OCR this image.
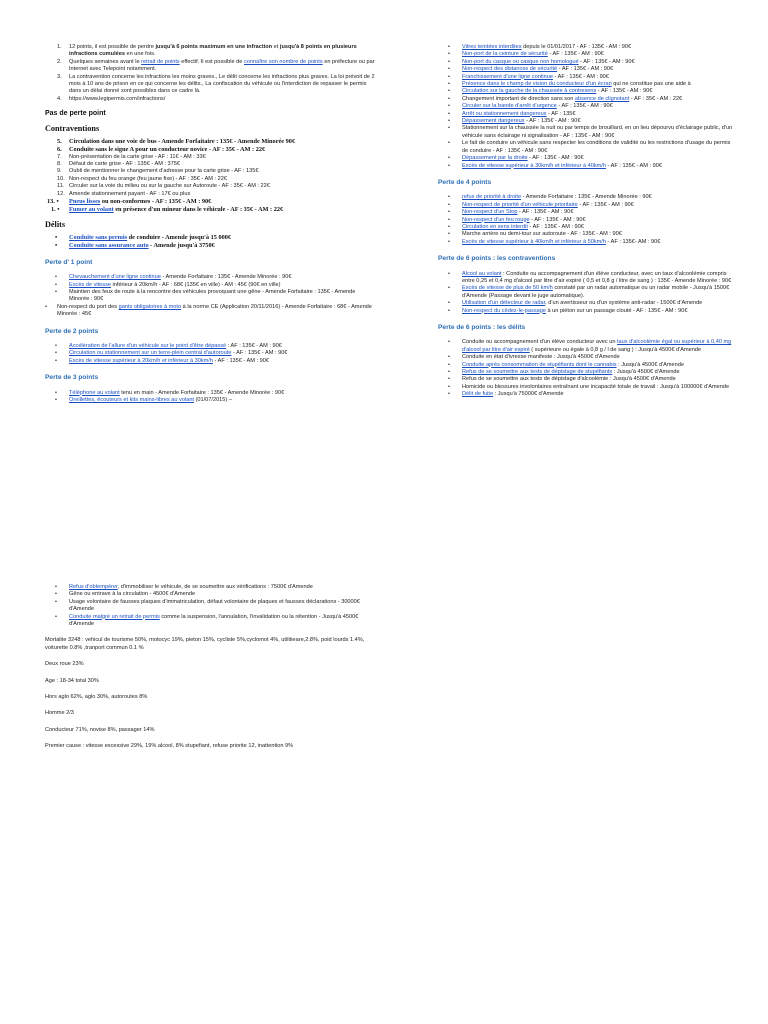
1. 12 points, il est possible de perdre jusqu'à 6 points maximum en une infraction et jusqu'à 8 points en plusieurs infractions cumulées en une fois.
2. Quelques semaines avant le retrait de points effectif. Il est possible de connaître son nombre de points en préfecture ou par Internet avec Telepoint notamment.
3. La contravention concerne les infractions les moins graves., Le délit concerne les infractions plus graves. La loi prévoit de 2 mois à 10 ans de prison en ce qui concerne les délits., La confiscation du véhicule ou l'interdiction de repasser le permis dans un délai donné sont possibles dans ce cadre là.
4. https://www.legipermis.com/infractions/
Pas de perte point
Contraventions
5. Circulation dans une voie de bus - Amende Forfaitaire : 135€ - Amende Minorée 90€
6. Conduite sans le signe A pour un conducteur novice - AF : 35€ - AM : 22€
7. Non-présentation de la carte grise - AF : 11€ - AM : 33€
8. Défaut de carte grise - AF : 135€ - AM : 375€
9. Oubli de mentionner le changement d'adresse pour la carte grise - AF : 135€
10. Non-respect du feu orange (feu jaune fixe) - AF : 35€ - AM : 22€
11. Circuler sur la voie du milieu ou sur la gauche sur Autoroute - AF : 35€ - AM : 22€
12. Amende stationnement payant - AF : 17€ ou plus
13. • Pneus lisses ou non-conformes - AF : 135€ - AM : 90€
1. • Fumer au volant en présence d'un mineur dans le véhicule - AF : 35€ - AM : 22€
Délits
• Conduite sans permis de conduire - Amende jusqu'à 15 000€
• Conduite sans assurance auto - Amende jusqu'à 3750€
Perte d' 1 point
• Chevauchement d'une ligne continue - Amende Forfaitaire : 135€ - Amende Minorée : 90€
• Excès de vitesse inférieur à 20km/h - AF : 68€ (135€ en ville) - AM : 45€ (90€ en ville)
• Maintien des feux de route à la rencontre des véhicules provoquant une gêne - Amende Forfaitaire : 135€ - Amende Minorée : 90€
• Non-respect du port des gants obligatoires à moto à la norme CE (Application 20/11/2016) - Amende Forfaitaire : 68€ - Amende Minorée : 45€
Perte de 2 points
• Accélération de l'allure d'un véhicule sur le point d'être dépassé : AF : 135€ - AM : 90€
• Circulation ou stationnement sur un terre-plein central d'autoroute - AF : 135€ - AM : 90€
• Excès de vitesse supérieur à 20km/h et inférieur à 30km/h - AF : 135€ - AM : 90€
Perte de 3 points
• Téléphone au volant tenu en main - Amende Forfaitaire : 135€ - Amende Minorée : 90€
• Oreillettes, écouteurs et kits mains-libres au volant (01/07/2015) –
• Refus d'obtempérer, d'immobiliser le véhicule, de se soumettre aux vérifications : 7500€ d'Amende
• Gêne ou entrave à la circulation - 4500€ d'Amende
• Usage volontaire de fausses plaques d'immatriculation, défaut volontaire de plaques et fausses déclarations - 30000€ d'Amende
• Conduite malgré un retrait de permis comme la suspension, l'annulation, l'invalidation ou la rétention - Jusqu'à 4500€ d'Amende

Mortalite 3248 : vehicul de tourisme 50%, motocyc 19%, pieton 15%, cycliste 5%,cyclomot 4%, utilitieare,2.8%, poid lourds 1.4%, voiturette 0.8% ,tranport commun 0.1 %

Deux roue 23%

Age : 18-34 total 30%

Hors aglo 62%, aglo 30%, autoroutes 8%

Homme 2/3

Conducteur 71%, novise 8%, passager 14%

Premier cause : vitesse excessive 29%, 19% alcool, 8% stupefiant, refuse priorite 12, inattention 9%

• Vitres teintées interdites depuis le 01/01/2017 - AF : 135€ - AM : 90€
• Non-port de la ceinture de sécurité - AF : 135€ - AM : 90€
• Non-port du casque ou casque non homologué - AF : 135€ - AM : 90€
• Non-respect des distances de sécurité - AF : 135€ - AM : 90€
• Franchissement d'une ligne continue - AF : 135€ - AM : 90€
• Présence dans le champ de vision du conducteur d'un écran qui ne constitue pas une aide à
• Circulation sur la gauche de la chaussée à contresens - AF : 135€ - AM : 90€
• Changement important de direction sans son absence de clignotant - AF : 35€ - AM : 22€
• Circuler sur la bande d'arrêt d'urgence - AF : 135€ - AM : 90€
• Arrêt ou stationnement dangereux - AF : 135€
• Dépassement dangereux - AF : 135€ - AM : 90€
• Stationnement sur la chaussée la nuit ou par temps de brouillard, en un lieu dépourvu d'éclairage public, d'un véhicule sans éclairage ni signalisation - AF : 135€ - AM : 90€
• Le fait de conduire un véhicule sans respecter les conditions de validité ou les restrictions d'usage du permis de conduire - AF : 135€ - AM : 90€
• Dépassement par la droite - AF : 135€ - AM : 90€
• Excès de vitesse supérieur à 30km/h et inférieur à 40km/h - AF : 135€ - AM : 90€
Perte de 4 points
• refus de priorité à droite - Amende Forfaitaire : 135€ - Amende Minorée : 90€
• Non-respect de priorité d'un véhicule prioritaire - AF : 135€ - AM : 90€
• Non-respect d'un Stop - AF : 135€ - AM : 90€
• Non-respect d'un feu rouge - AF : 135€ - AM : 90€
• Circulation en sens interdit - AF : 135€ - AM : 90€
• Marche arrière ou demi-tour sur autoroute - AF : 135€ - AM : 90€
• Excès de vitesse supérieur à 40km/h et inférieur à 50km/h - AF : 135€- AM : 90€
Perte de 6 points : les contraventions
• Alcool au volant : Conduite ou accompagnement d'un élève conducteur, avec un taux d'alcoolémie compris entre 0,25 et 0,4 mg d'alcool par litre d'air expiré ( 0,5 et 0,8 g / litre de sang ) : 135€ - Amende Minorée : 90€
• Excès de vitesse de plus de 50 km/h constaté par un radar automatique ou un radar mobile - Jusqu'à 1500€ d'Amende (Passage devant le juge automatique).
• Utilisation d'un détecteur de radar, d'un avertisseur ou d'un système anti-radar - 1500€ d'Amende
• Non-respect du cédez-le-passage à un piéton sur un passage clouté - AF : 135€ - AM : 90€
Perte de 6 points : les délits
• Conduite ou accompagnement d'un élève conducteur avec un taux d'alcoolémie égal ou supérieur à 0,40 mg d'alcool par litre d'air expiré ( supérieure ou égale à 0,8 g / l de sang ) : Jusqu'à 4500€ d'Amende
• Conduite en état d'ivresse manifeste : Jusqu'à 4500€ d'Amende
• Conduite après consommation de stupéfiants dont le cannabis : Jusqu'à 4500€ d'Amende
• Refus de se soumettre aux tests de dépistage de stupéfiants : Jusqu'à 4500€ d'Amende
• Refus de se soumettre aux tests de dépistage d'alcoolémie : Jusqu'à 4500€ d'Amende
• Homicide ou blessures involontaires entraînant une incapacité totale de travail : Jusqu'à 100000€ d'Amende
• Délit de fuite : Jusqu'à 75000€ d'Amende
